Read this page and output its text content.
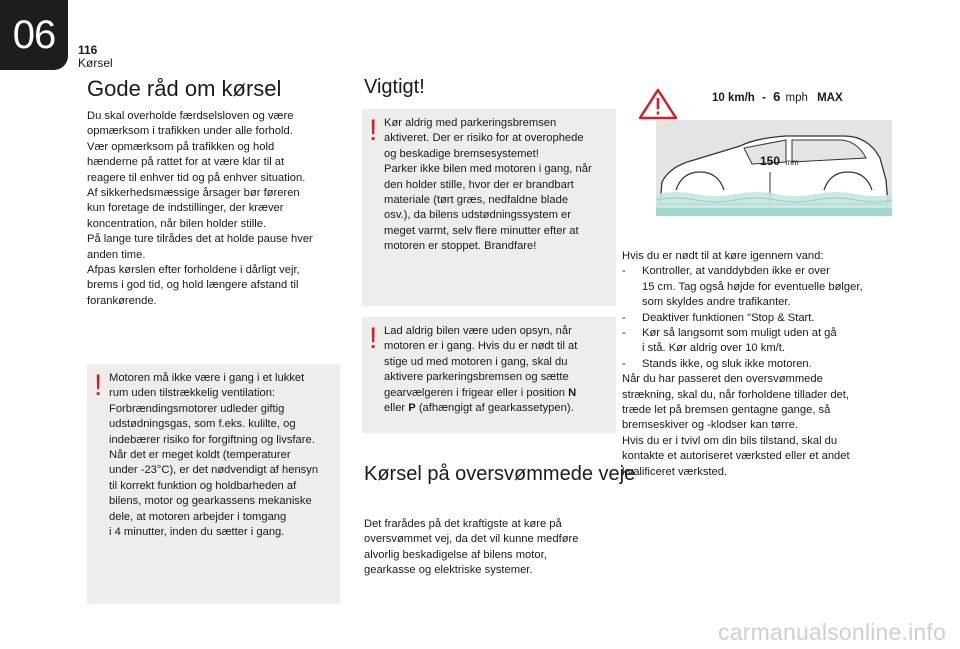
06 116
Kørsel
Gode råd om kørsel

Du skal overholde færdselsloven og være

opmærksom i trafikken under alle forhold.

Vær opmærksom på trafikken og hold

hænderne på rattet for at være klar til at

reagere til enhver tid og på enhver situation.

Af sikkerhedsmæssige årsager bør føreren

kun foretage de indstillinger, der kræver

koncentration, når bilen holder stille.

På lange ture tilrådes det at holde pause hver

anden time.

Afpas kørslen efter forholdene i dårligt vejr,

brems i god tid, og hold længere afstand til

forankørende.

! Motoren må ikke være i gang i et lukket

rum uden tilstrækkelig ventilation:

Forbrændingsmotorer udleder giftig

udstødningsgas, som f.eks. kulilte, og

indebærer risiko for forgiftning og livsfare.

Når det er meget koldt (temperaturer

under -23°C), er det nødvendigt af hensyn

til korrekt funktion og holdbarheden af

bilens, motor og gearkassens mekaniske

dele, at motoren arbejder i tomgang

i 4 minutter, inden du sætter i gang.

Vigtigt!
! Kør aldrig med parkeringsbremsen

aktiveret. Der er risiko for at overophede

og beskadige bremsesystemet!

Parker ikke bilen med motoren i gang, når

den holder stille, hvor der er brandbart

materiale (tørt græs, nedfaldne blade

osv.), da bilens udstødningssystem er

meget varmt, selv flere minutter efter at

motoren er stoppet. Brandfare!

! Lad aldrig bilen være uden opsyn, når

motoren er i gang. Hvis du er nødt til at

stige ud med motoren i gang, skal du

aktivere parkeringsbremsen og sætte

gearvælgeren i frigear eller i position N

eller P (afhængigt af gearkassetypen).

Kørsel på oversvømmede veje

Det frarådes på det kraftigste at køre på

oversvømmet vej, da det vil kunne medføre

alvorlig beskadigelse af bilens motor,

gearkasse og elektriske systemer.

10 km/h - 6 mph MAX
150 mm

Hvis du er nødt til at køre igennem vand:

-	Kontroller, at vanddybden ikke er over

15 cm. Tag også højde for eventuelle bølger,

som skyldes andre trafikanter.

-	Deaktiver funktionen "Stop & Start.
-	Kør så langsomt som muligt uden at gå

i stå. Kør aldrig over 10 km/t.

-	Stands ikke, og sluk ikke motoren.

Når du har passeret den oversvømmede

strækning, skal du, når forholdene tillader det,

træde let på bremsen gentagne gange, så

bremseskiver og -klodser kan tørre.

Hvis du er i tvivl om din bils tilstand, skal du

kontakte et autoriseret værksted eller et andet

kvalificeret værksted.

carmanualsonline.info
